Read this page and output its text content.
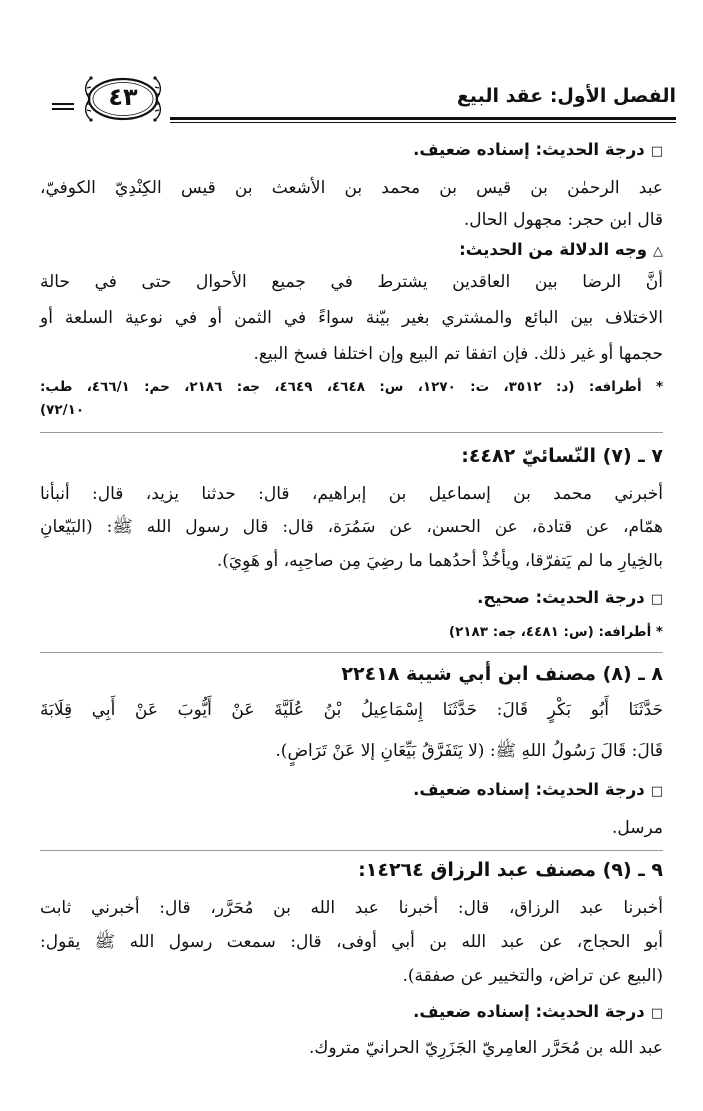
الفصل الأول: عقد البيع
٤٣
□درجة الحديث: إسناده ضعيف.
عبد الرحمٰن بن قيس بن محمد بن الأشعث بن قيس الكِنْدِيّ الكوفيّ،
قال ابن حجر: مجهول الحال.
△وجه الدلالة من الحديث:
أنَّ الرضا بين العاقدين يشترط في جميع الأحوال حتى في حالة
الاختلاف بين البائع والمشتري بغير بيّنة سواءً في الثمن أو في نوعية السلعة أو
حجمها أو غير ذلك. فإن اتفقا تم البيع وإن اختلفا فسخ البيع.
* أطرافه: (د: ٣٥١٢، ت: ١٢٧٠، س: ٤٦٤٨، ٤٦٤٩، جه: ٢١٨٦، حم: ٤٦٦/١، طب:
(٧٢/١٠
٧ ـ (٧) النّسائيّ ٤٤٨٢:
أخبرني محمد بن إسماعيل بن إبراهيم، قال: حدثنا يزيد، قال: أنبأنا
همّام، عن قتادة، عن الحسن، عن سَمُرَة، قال: قال رسول الله ﷺ: (البَيّعانِ
بالخِيارِ ما لم يَتفرّقا، ويأخُذْ أحدُهما ما رضِيَ مِن صاحِبِه، أو هَوِيَ).
□درجة الحديث: صحيح.
* أطرافه: (س: ٤٤٨١، جه: ٢١٨٣)
٨ ـ (٨) مصنف ابن أبي شيبة ٢٢٤١٨
حَدَّثَنَا أَبُو بَكْرٍ قَالَ: حَدَّثَنَا إِسْمَاعِيلُ بْنُ عُلَيَّةَ عَنْ أَيُّوبَ عَنْ أَبِي قِلَابَةَ
قَالَ: قَالَ رَسُولُ اللهِ ﷺ: (لا يَتَفَرَّقُ بَيِّعَانِ إلا عَنْ تَرَاضٍ).
□درجة الحديث: إسناده ضعيف.
مرسل.
٩ ـ (٩) مصنف عبد الرزاق ١٤٢٦٤:
أخبرنا عبد الرزاق، قال: أخبرنا عبد الله بن مُحَرَّر، قال: أخبرني ثابت
أبو الحجاج، عن عبد الله بن أبي أوفى، قال: سمعت رسول الله ﷺ يقول:
(البيع عن تراض، والتخيير عن صفقة).
□درجة الحديث: إسناده ضعيف.
عبد الله بن مُحَرَّر العامِريّ الجَزَرِيّ الحرانيّ متروك.
